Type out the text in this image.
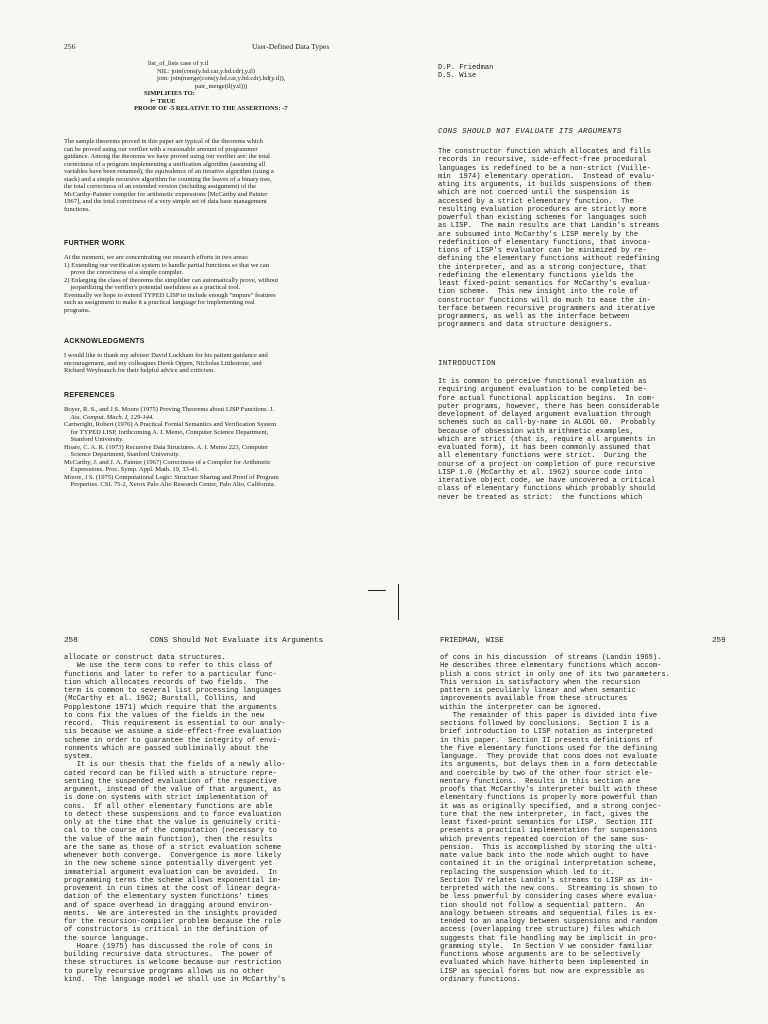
256	User-Defined Data Types
list_of_lists case of y.tl
NIL: join(cons(y.hd.car,y.hd.cdr),y.tl)
join: join(merge(cons(y.hd.car,y.hd.cdr).hd(y.tl)),
pair_merge(tl(y.tl)))
SIMPLIFIES TO:
⊢ TRUE
PROOF OF -5 RELATIVE TO THE ASSERTIONS: -7
The sample theorems proved in this paper are typical of the theorems which
can be proved using our verifier with a reasonable amount of programmer
guidance. Among the theorems we have proved using our verifier are: the total
correctness of a program implementing a unification algorithm (assuming all
variables have been renamed), the equivalence of an iterative algorithm (using a
stack) and a simple recursive algorithm for counting the leaves of a binary tree,
the total correctness of an extended version (including assignment) of the
McCarthy-Painter compiler for arithmetic expressions [McCarthy and Painter
1967], and the total correctness of a very simple set of data base management
functions.
FURTHER WORK
At the moment, we are concentrating our research efforts in two areas:
1) Extending our verification system to handle partial functions so that we can
prove the correctness of a simple compiler.
2) Enlarging the class of theorems the simplifier can automatically prove, without
jeopardizing the verifier's potential usefulness as a practical tool.
Eventually we hope to extend TYPED LISP to include enough "impure" features
such as assignment to make it a practical language for implementing real
programs.
ACKNOWLEDGMENTS
I would like to thank my advisor David Luckham for his patient guidance and
encouragement, and my colleagues Derek Oppen, Nicholas Littlestone, and
Richard Weyhrauch for their helpful advice and criticism.
REFERENCES
Boyer, R. S., and J S. Moore (1975) Proving Theorems about LISP Functions. J.
Ass. Comput. Mach. I, 129-144.
Cartwright, Robert (1976) A Practical Formal Semantics and Verification System
for TYPED LISP, forthcoming A. I. Memo, Computer Science Department,
Stanford University.
Hoare, C. A. R. (1973) Recursive Data Structures. A. I. Memo 223, Computer
Science Department, Stanford University.
McCarthy, J. and J. A. Painter (1967) Correctness of a Compiler for Arithmetic
Expressions. Proc. Symp. Appl. Math. 19, 33-41.
Moore, J S. (1975) Computational Logic: Structure Sharing and Proof of Program
Properties. CSL 75-2, Xerox Palo Alto Research Center, Palo Alto, California.
D.P. Friedman
D.S. Wise
CONS SHOULD NOT EVALUATE ITS ARGUMENTS
The constructor function which allocates and fills
records in recursive, side-effect-free procedural
languages is redefined to be a non-strict (Vuille-
min  1974) elementary operation.  Instead of evalu-
ating its arguments, it builds suspensions of them
which are not coerced until the suspension is
accessed by a strict elementary function.  The
resulting evaluation procedures are strictly more
powerful than existing schemes for languages such
as LISP.  The main results are that Landin's streams
are subsumed into McCarthy's LISP merely by the
redefinition of elementary functions, that invoca-
tions of LISP's evaluator can be minimized by re-
defining the elementary functions without redefining
the interpreter, and as a strong conjecture, that
redefining the elementary functions yields the
least fixed-point semantics for McCarthy's evalua-
tion scheme.  This new insight into the role of
constructor functions will do much to ease the in-
terface between recursive programmers and iterative
programmers, as well as the interface between
programmers and data structure designers.
INTRODUCTION
It is common to perceive functional evaluation as
requiring argument evaluation to be completed be-
fore actual functional application begins.  In com-
puter programs, however, there has been considerable
development of delayed argument evaluation through
schemes such as call-by-name in ALGOL 60.  Probably
because of obsession with arithmetic examples,
which are strict (that is, require all arguments in
evaluated form), it has been commonly assumed that
all elementary functions were strict.  During the
course of a project on completion of pure recursive
LISP 1.0 (McCarthy et al. 1962) source code into
iterative object code, we have uncovered a critical
class of elementary functions which probably should
never be treated as strict:  the functions which
258	CONS Should Not Evaluate its Arguments
allocate or construct data structures.
We use the term cons to refer to this class of
functions and later to refer to a particular func-
tion which allocates records of two fields.  The
term is common to several list processing languages
(McCarthy et al. 1962; Burstall, Collins, and
Popplestone 1971) which require that the arguments
to cons fix the values of the fields in the new
record.  This requirement is essential to our analy-
sis because we assume a side-effect-free evaluation
scheme in order to guarantee the integrity of envi-
ronments which are passed subliminally about the
system.
It is our thesis that the fields of a newly allo-
cated record can be filled with a structure repre-
senting the suspended evaluation of the respective
argument, instead of the value of that argument, as
is done on systems with strict implementation of
cons.  If all other elementary functions are able
to detect these suspensions and to force evaluation
only at the time that the value is genuinely criti-
cal to the course of the computation (necessary to
the value of the main function), then the results
are the same as those of a strict evaluation scheme
whenever both converge.  Convergence is more likely
in the new scheme since potentially divergent yet
immaterial argument evaluation can be avoided.  In
programming terms the scheme allows exponential im-
provement in run times at the cost of linear degra-
dation of the elementary system functions' times
and of space overhead in dragging around environ-
ments.  We are interested in the insights provided
for the recursion-compiler problem because the role
of constructors is critical in the definition of
the source language.
Hoare (1975) has discussed the role of cons in
building recursive data structures.  The power of
these structures is welcome because our restriction
to purely recursive programs allows us no other
kind.  The language model we shall use in McCarthy's
FRIEDMAN, WISE	259
of cons in his discussion  of streams (Landin 1965).
He describes three elementary functions which accom-
plish a cons strict in only one of its two parameters.
This version is satisfactory when the recursion
pattern is peculiarly linear and when semantic
improvements available from these structures
within the interpreter can be ignored.
The remainder of this paper is divided into five
sections followed by conclusions.  Section I is a
brief introduction to LISP notation as interpreted
in this paper.  Section II presents definitions of
the five elementary functions used for the defining
language.  They provide that cons does not evaluate
its arguments, but delays them in a form detectable
and coercible by two of the other four strict ele-
mentary functions.  Results in this section are
proofs that McCarthy's interpreter built with these
elementary functions is properly more powerful than
it was as originally specified, and a strong conjec-
ture that the new interpreter, in fact, gives the
least fixed-point semantics for LISP.  Section III
presents a practical implementation for suspensions
which prevents repeated coercion of the same sus-
pension.  This is accomplished by storing the ulti-
mate value back into the node which ought to have
contained it in the original interpretation scheme,
replacing the suspension which led to it.
Section IV relates Landin's streams to LISP as in-
terpreted with the new cons.  Streaming is shown to
be less powerful by considering cases where evalua-
tion should not follow a sequential pattern.  An
analogy between streams and sequential files is ex-
tended to an analogy between suspensions and random
access (overlapping tree structure) files which
suggests that file handling may be implicit in pro-
gramming style.  In Section V we consider familiar
functions whose arguments are to be selectively
evaluated which have hitherto been implemented in
LISP as special forms but now are expressible as
ordinary functions.
